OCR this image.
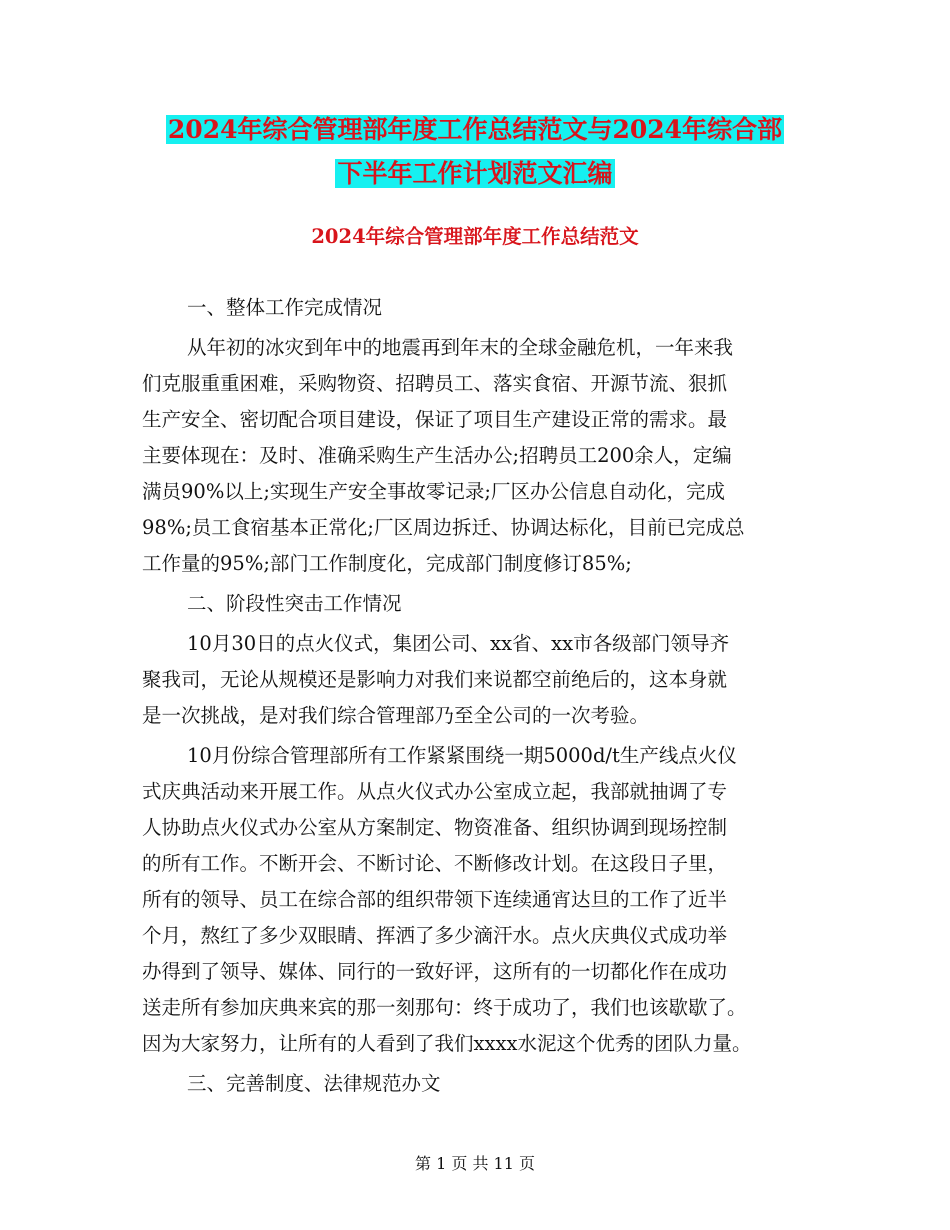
2024年综合管理部年度工作总结范文与2024年综合部
下半年工作计划范文汇编
2024年综合管理部年度工作总结范文
一、整体工作完成情况
从年初的冰灾到年中的地震再到年末的全球金融危机，一年来我
们克服重重困难，采购物资、招聘员工、落实食宿、开源节流、狠抓
生产安全、密切配合项目建设，保证了项目生产建设正常的需求。最
主要体现在：及时、准确采购生产生活办公;招聘员工200余人，定编
满员90%以上;实现生产安全事故零记录;厂区办公信息自动化，完成
98%;员工食宿基本正常化;厂区周边拆迁、协调达标化，目前已完成总
工作量的95%;部门工作制度化，完成部门制度修订85%;
二、阶段性突击工作情况
10月30日的点火仪式，集团公司、xx省、xx市各级部门领导齐
聚我司，无论从规模还是影响力对我们来说都空前绝后的，这本身就
是一次挑战，是对我们综合管理部乃至全公司的一次考验。
10月份综合管理部所有工作紧紧围绕一期5000d/t生产线点火仪
式庆典活动来开展工作。从点火仪式办公室成立起，我部就抽调了专
人协助点火仪式办公室从方案制定、物资准备、组织协调到现场控制
的所有工作。不断开会、不断讨论、不断修改计划。在这段日子里，
所有的领导、员工在综合部的组织带领下连续通宵达旦的工作了近半
个月，熬红了多少双眼睛、挥洒了多少滴汗水。点火庆典仪式成功举
办得到了领导、媒体、同行的一致好评，这所有的一切都化作在成功
送走所有参加庆典来宾的那一刻那句：终于成功了，我们也该歇歇了。
因为大家努力，让所有的人看到了我们xxxx水泥这个优秀的团队力量。
三、完善制度、法律规范办文
第 1 页 共 11 页
